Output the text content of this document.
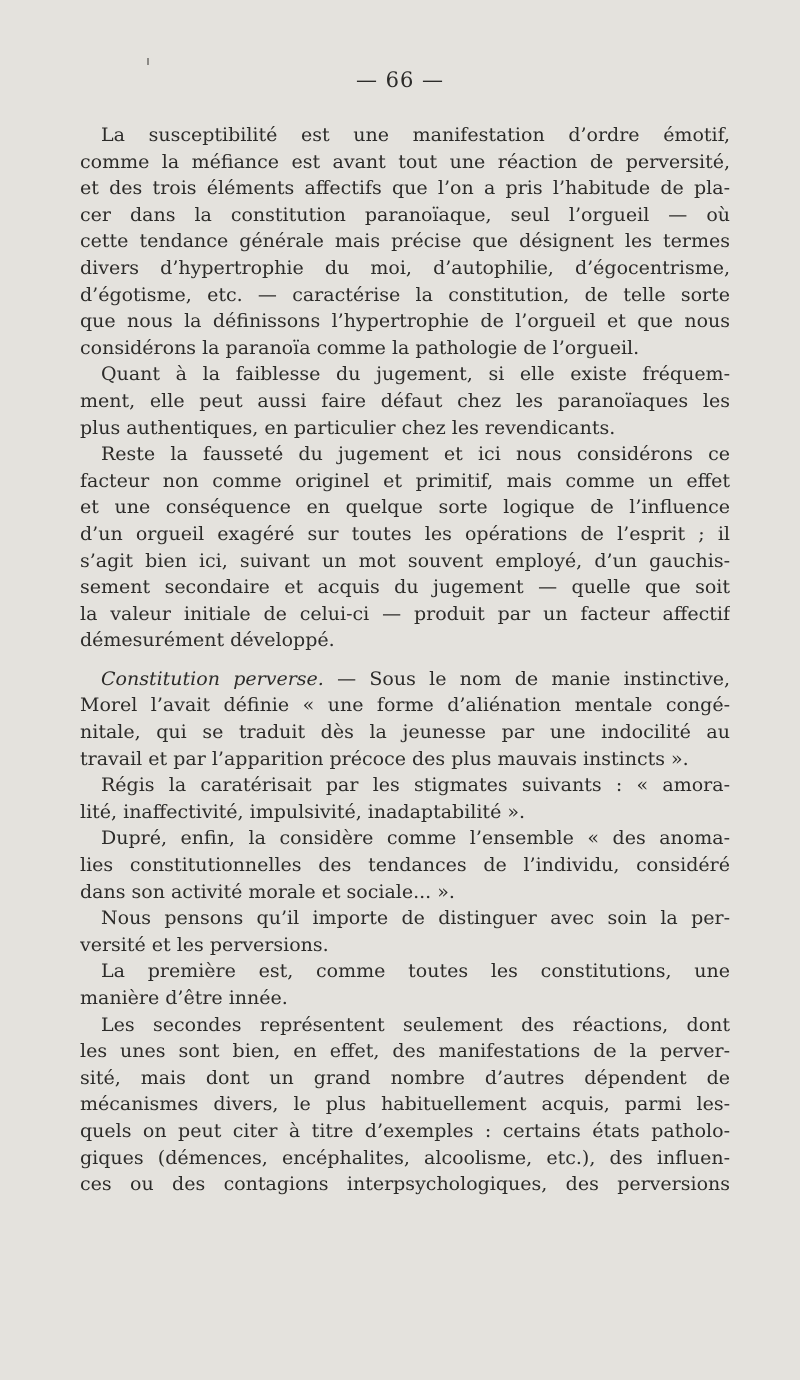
— 66 —
La susceptibilité est une manifestation d’ordre émotif,
comme la méfiance est avant tout une réaction de perversité,
et des trois éléments affectifs que l’on a pris l’habitude de pla-
cer dans la constitution paranoïaque, seul l’orgueil — où
cette tendance générale mais précise que désignent les termes
divers d’hypertrophie du moi, d’autophilie, d’égocentrisme,
d’égotisme, etc. — caractérise la constitution, de telle sorte
que nous la définissons l’hypertrophie de l’orgueil et que nous
considérons la paranoïa comme la pathologie de l’orgueil.
Quant à la faiblesse du jugement, si elle existe fréquem-
ment, elle peut aussi faire défaut chez les paranoïaques les
plus authentiques, en particulier chez les revendicants.
Reste la fausseté du jugement et ici nous considérons ce
facteur non comme originel et primitif, mais comme un effet
et une conséquence en quelque sorte logique de l’influence
d’un orgueil exagéré sur toutes les opérations de l’esprit ; il
s’agit bien ici, suivant un mot souvent employé, d’un gauchis-
sement secondaire et acquis du jugement — quelle que soit
la valeur initiale de celui-ci — produit par un facteur affectif
démesurément développé.
Constitution perverse. — Sous le nom de manie instinctive,
Morel l’avait définie « une forme d’aliénation mentale congé-
nitale, qui se traduit dès la jeunesse par une indocilité au
travail et par l’apparition précoce des plus mauvais instincts ».
Régis la caratérisait par les stigmates suivants : « amora-
lité, inaffectivité, impulsivité, inadaptabilité ».
Dupré, enfin, la considère comme l’ensemble « des anoma-
lies constitutionnelles des tendances de l’individu, considéré
dans son activité morale et sociale... ».
Nous pensons qu’il importe de distinguer avec soin la per-
versité et les perversions.
La première est, comme toutes les constitutions, une
manière d’être innée.
Les secondes représentent seulement des réactions, dont
les unes sont bien, en effet, des manifestations de la perver-
sité, mais dont un grand nombre d’autres dépendent de
mécanismes divers, le plus habituellement acquis, parmi les-
quels on peut citer à titre d’exemples : certains états patholo-
giques (démences, encéphalites, alcoolisme, etc.), des influen-
ces ou des contagions interpsychologiques, des perversions
